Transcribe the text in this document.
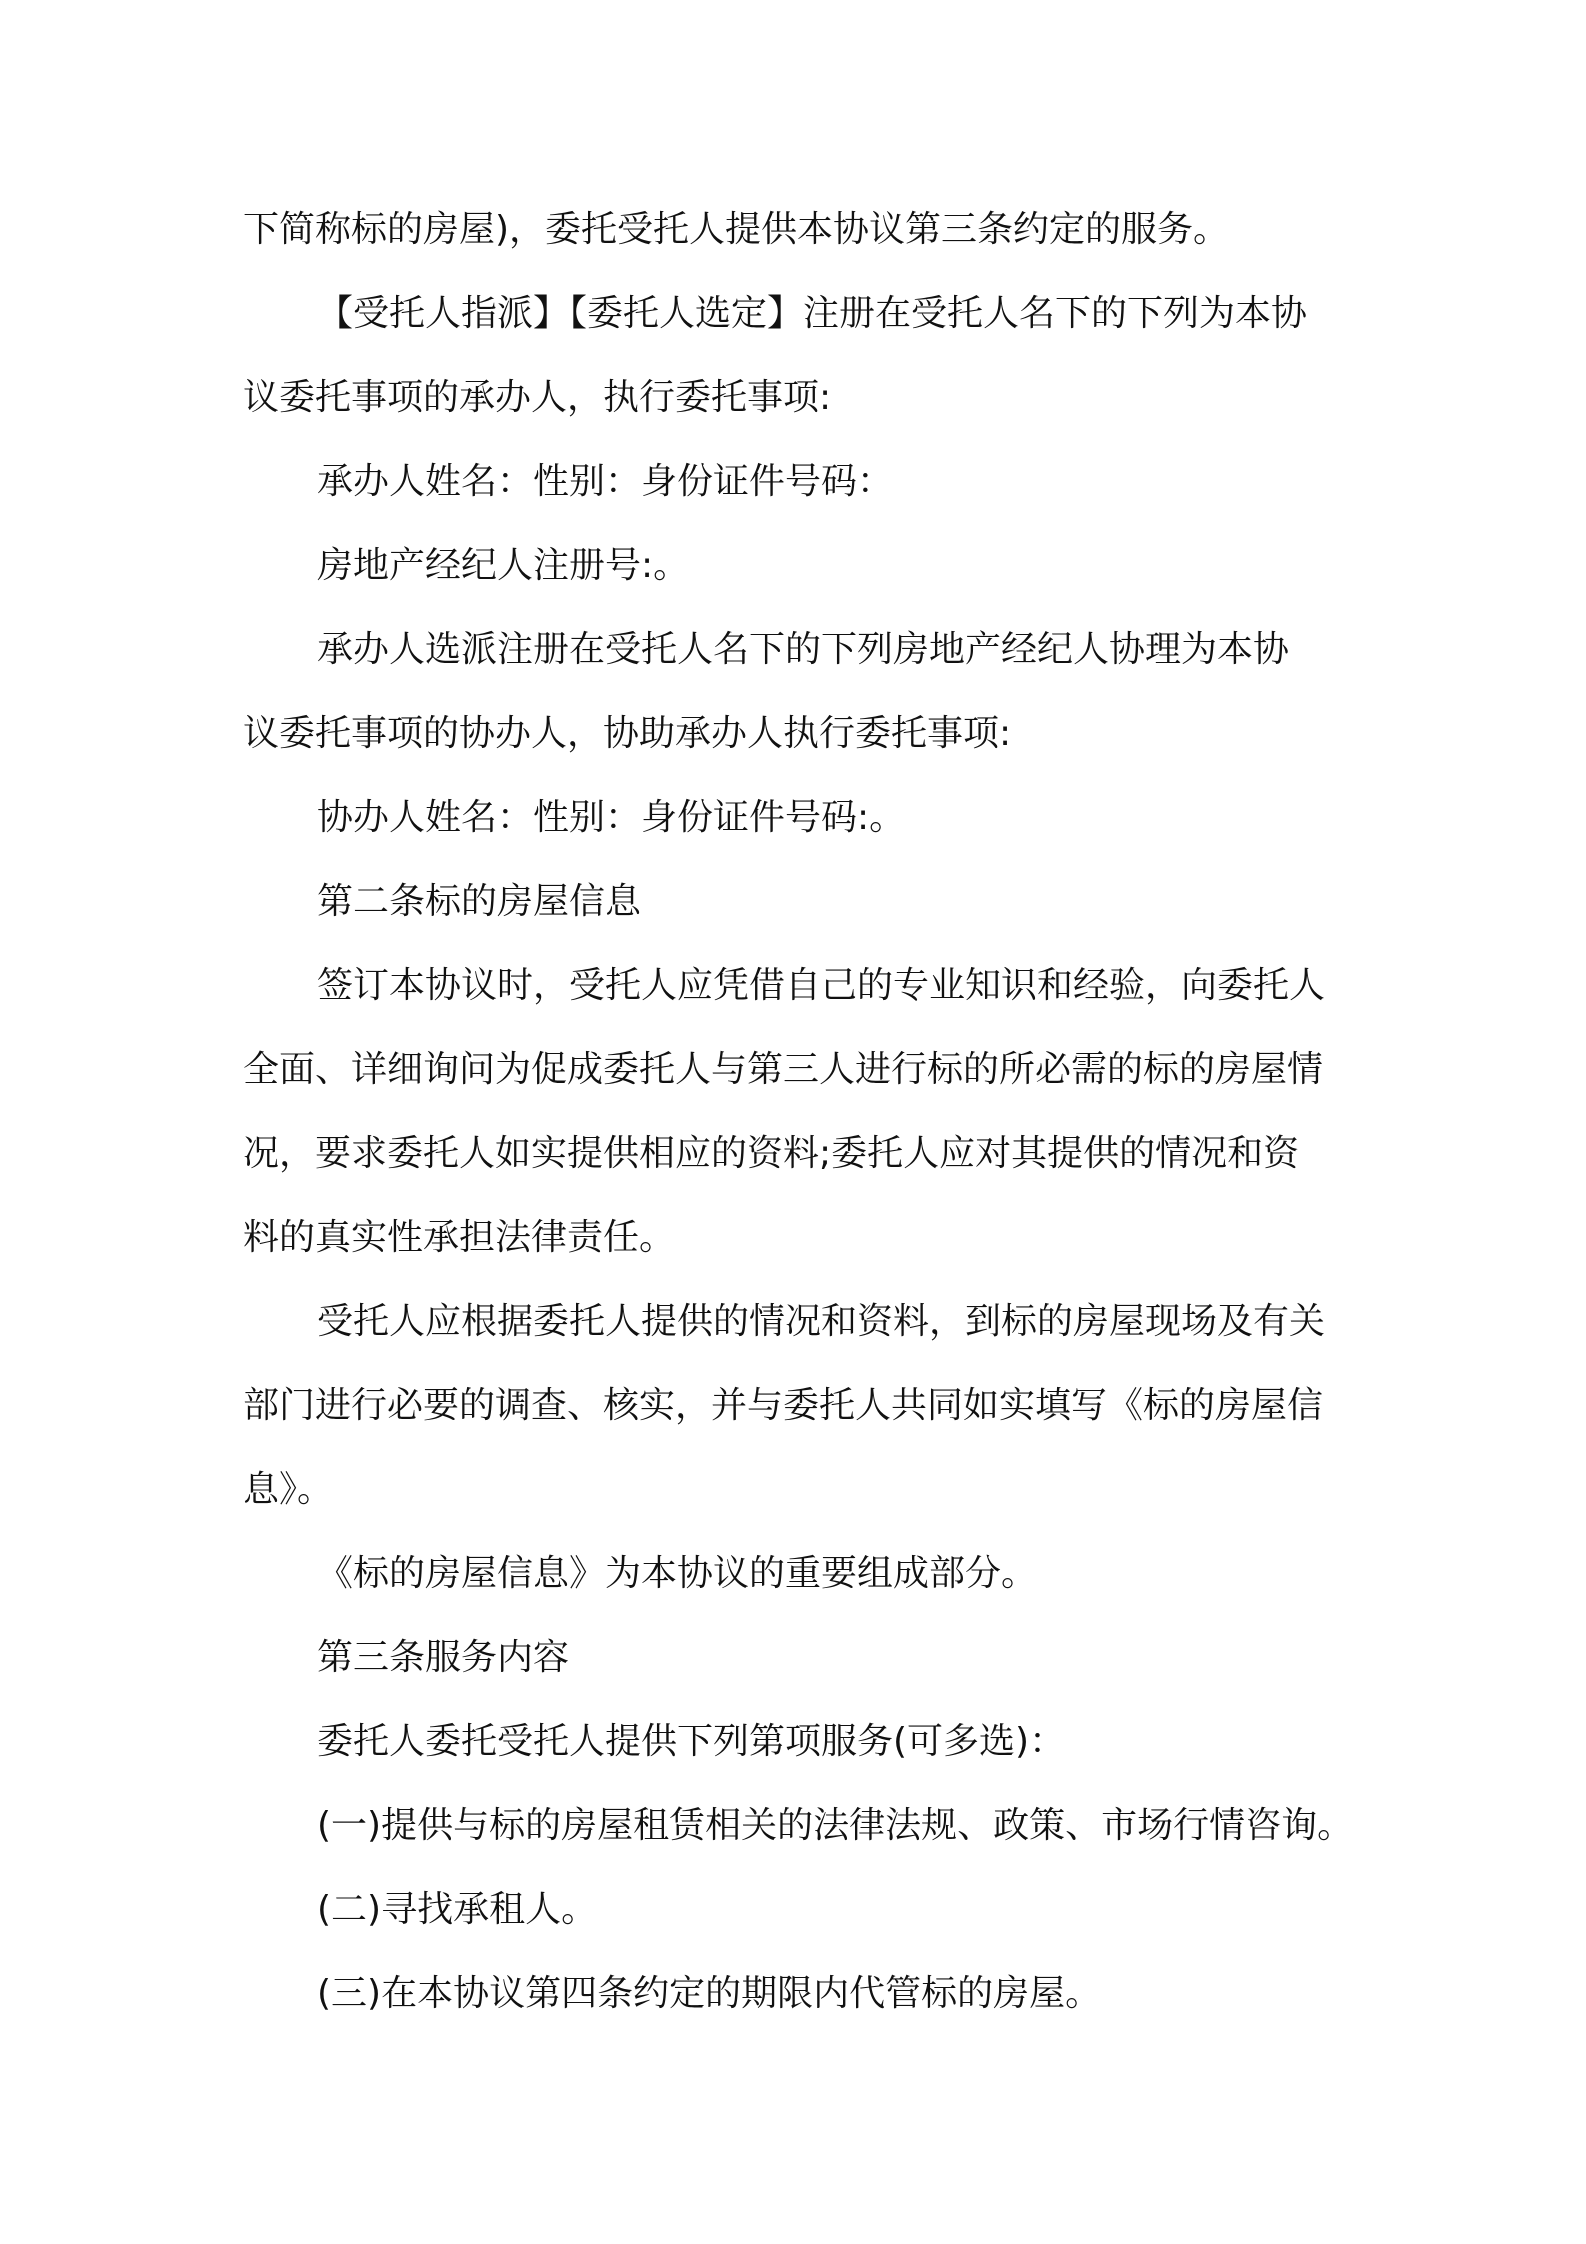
下简称标的房屋)，委托受托人提供本协议第三条约定的服务。
【受托人指派】【委托人选定】注册在受托人名下的下列为本协
议委托事项的承办人，执行委托事项:
承办人姓名：性别：身份证件号码：
房地产经纪人注册号:。
承办人选派注册在受托人名下的下列房地产经纪人协理为本协
议委托事项的协办人，协助承办人执行委托事项:
协办人姓名：性别：身份证件号码:。
第二条标的房屋信息
签订本协议时，受托人应凭借自己的专业知识和经验，向委托人
全面、详细询问为促成委托人与第三人进行标的所必需的标的房屋情
况，要求委托人如实提供相应的资料;委托人应对其提供的情况和资
料的真实性承担法律责任。
受托人应根据委托人提供的情况和资料，到标的房屋现场及有关
部门进行必要的调查、核实，并与委托人共同如实填写《标的房屋信
息》。
《标的房屋信息》为本协议的重要组成部分。
第三条服务内容
委托人委托受托人提供下列第项服务(可多选)：
(一)提供与标的房屋租赁相关的法律法规、政策、市场行情咨询。
(二)寻找承租人。
(三)在本协议第四条约定的期限内代管标的房屋。
